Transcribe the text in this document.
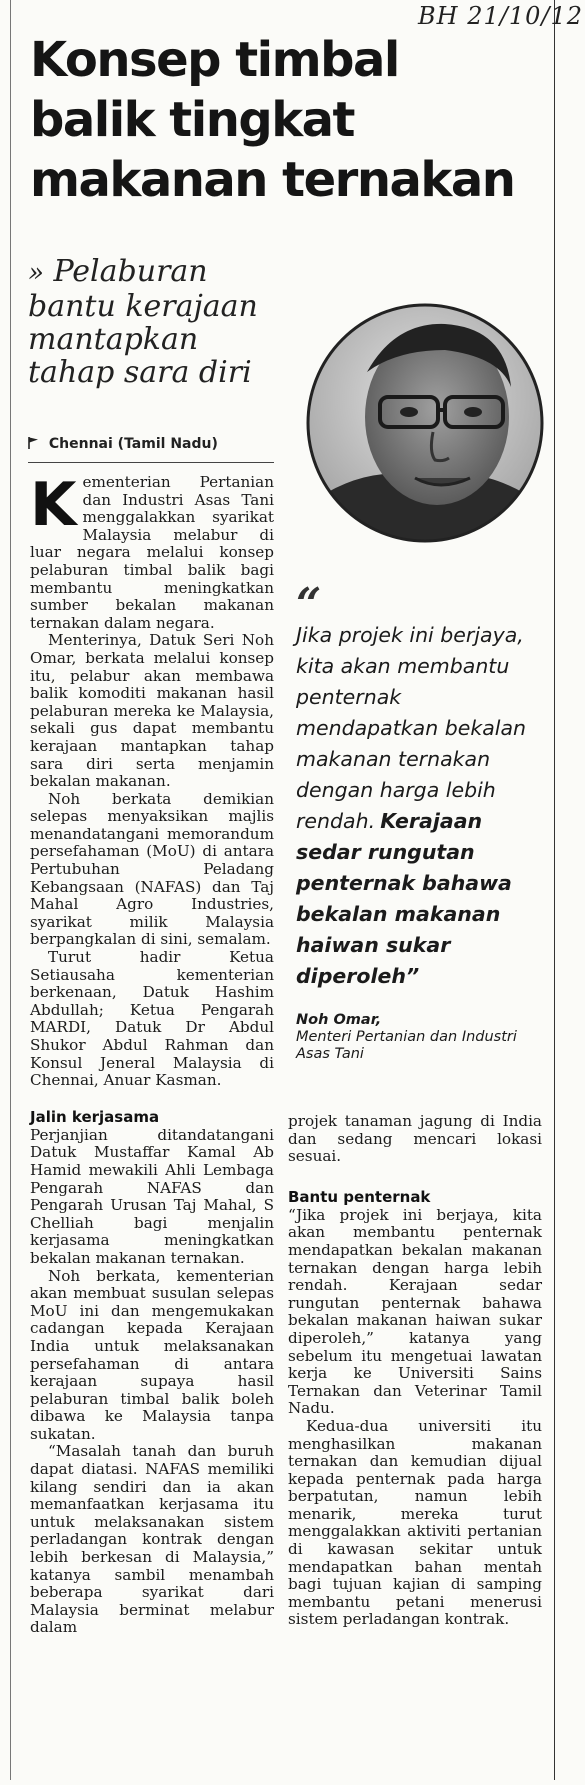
BH 21/10/12
Konsep timbal
balik tingkat
makanan ternakan
» Pelaburan
bantu kerajaan
mantapkan
tahap sara diri
Chennai (Tamil Nadu)
K ementerian Pertanian dan Industri Asas Tani menggalakkan syarikat Malaysia melabur di luar negara melalui konsep pelaburan timbal balik bagi membantu meningkatkan sumber bekalan makanan ternakan dalam negara.

Menterinya, Datuk Seri Noh Omar, berkata melalui konsep itu, pelabur akan membawa balik komoditi makanan hasil pelaburan mereka ke Malaysia, sekali gus dapat membantu kerajaan mantapkan tahap sara diri serta menjamin bekalan makanan.

Noh berkata demikian selepas menyaksikan majlis menandatangani memorandum persefahaman (MoU) di antara Pertubuhan Peladang Kebangsaan (NAFAS) dan Taj Mahal Agro Industries, syarikat milik Malaysia berpangkalan di sini, semalam.

Turut hadir Ketua Setiausaha kementerian berkenaan, Datuk Hashim Abdullah; Ketua Pengarah MARDI, Datuk Dr Abdul Shukor Abdul Rahman dan Konsul Jeneral Malaysia di Chennai, Anuar Kasman.

Jalin kerjasama

Perjanjian ditandatangani Datuk Mustaffar Kamal Ab Hamid mewakili Ahli Lembaga Pengarah NAFAS dan Pengarah Urusan Taj Mahal, S Chelliah bagi menjalin kerjasama meningkatkan bekalan makanan ternakan.

Noh berkata, kementerian akan membuat susulan selepas MoU ini dan mengemukakan cadangan kepada Kerajaan India untuk melaksanakan persefahaman di antara kerajaan supaya hasil pelaburan timbal balik boleh dibawa ke Malaysia tanpa sukatan.

“Masalah tanah dan buruh dapat diatasi. NAFAS memiliki kilang sendiri dan ia akan memanfaatkan kerjasama itu untuk melaksanakan sistem perladangan kontrak dengan lebih berkesan di Malaysia,” katanya sambil menambah beberapa syarikat dari Malaysia berminat melabur dalam

“
Jika projek ini berjaya, kita akan membantu penternak mendapatkan bekalan makanan ternakan dengan harga lebih rendah. Kerajaan sedar rungutan penternak bahawa bekalan makanan haiwan sukar diperoleh”
Noh Omar,
Menteri Pertanian dan Industri Asas Tani

projek tanaman jagung di India dan sedang mencari lokasi sesuai.

Bantu penternak

“Jika projek ini berjaya, kita akan membantu penternak mendapatkan bekalan makanan ternakan dengan harga lebih rendah. Kerajaan sedar rungutan penternak bahawa bekalan makanan haiwan sukar diperoleh,” katanya yang sebelum itu mengetuai lawatan kerja ke Universiti Sains Ternakan dan Veterinar Tamil Nadu.

Kedua-dua universiti itu menghasilkan makanan ternakan dan kemudian dijual kepada penternak pada harga berpatutan, namun lebih menarik, mereka turut menggalakkan aktiviti pertanian di kawasan sekitar untuk mendapatkan bahan mentah bagi tujuan kajian di samping membantu petani menerusi sistem perladangan kontrak.
